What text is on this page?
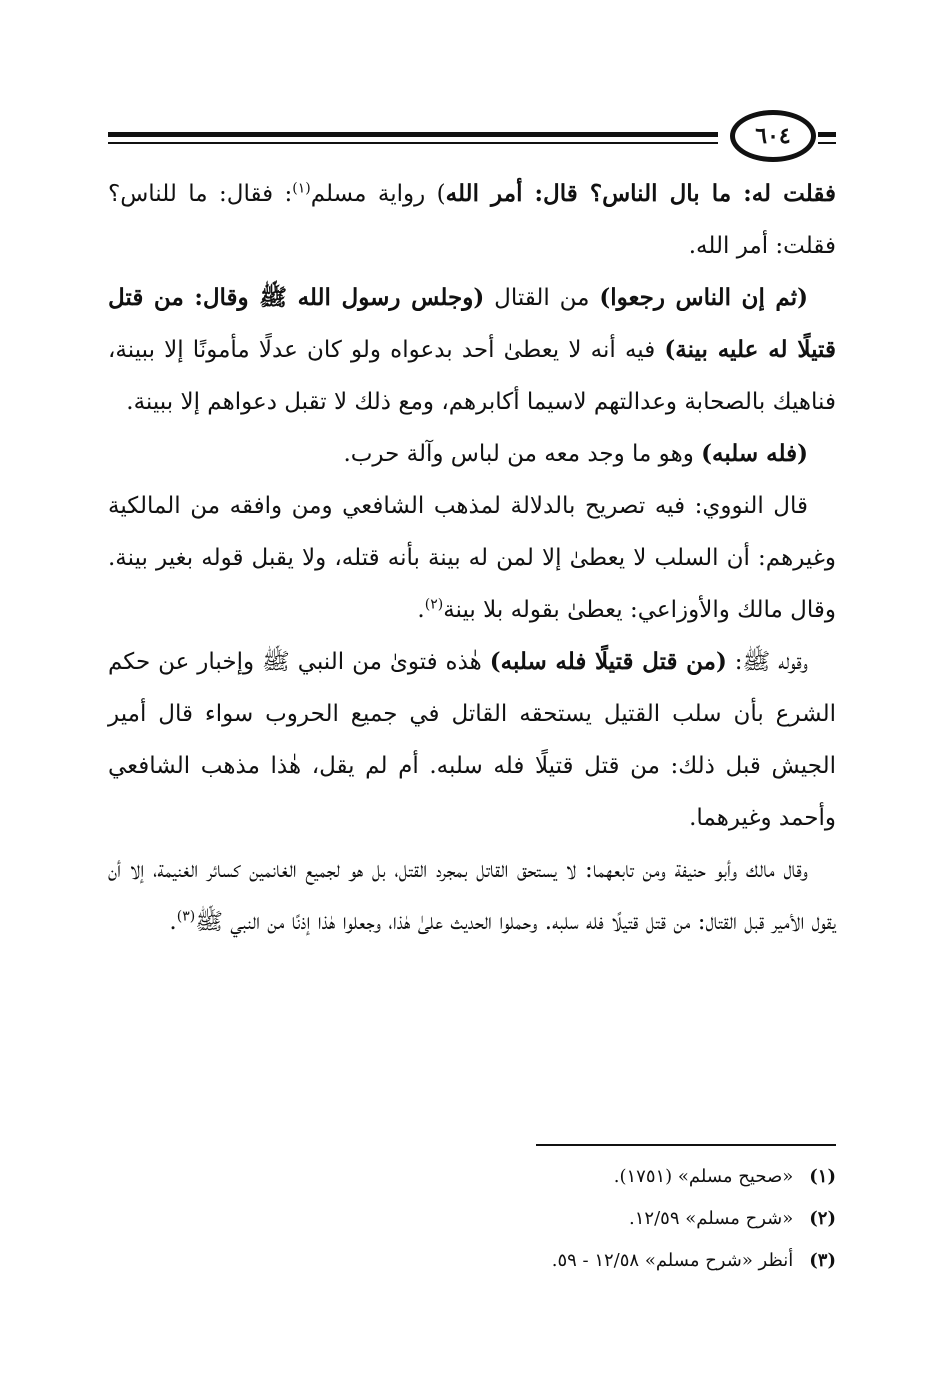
٦٠٤

فقلت له: ما بال الناس؟ قال: أمر الله) رواية مسلم$^{(١)}$: فقال: ما للناس؟ فقلت: أمر الله.

(ثم إن الناس رجعوا) من القتال (وجلس رسول الله ﷺ وقال: من قتل قتيلًا له عليه بينة) فيه أنه لا يعطىٰ أحد بدعواه ولو كان عدلًا مأمونًا إلا ببينة، فناهيك بالصحابة وعدالتهم لاسيما أكابرهم، ومع ذلك لا تقبل دعواهم إلا ببينة.

(فله سلبه) وهو ما وجد معه من لباس وآلة حرب.

قال النووي: فيه تصريح بالدلالة لمذهب الشافعي ومن وافقه من المالكية وغيرهم: أن السلب لا يعطىٰ إلا لمن له بينة بأنه قتله، ولا يقبل قوله بغير بينة. وقال مالك والأوزاعي: يعطىٰ بقوله بلا بينة$^{(٢)}$.

وقوله ﷺ: (من قتل قتيلًا فله سلبه) هٰذه فتوىٰ من النبي ﷺ وإخبار عن حكم الشرع بأن سلب القتيل يستحقه القاتل في جميع الحروب سواء قال أمير الجيش قبل ذلك: من قتل قتيلًا فله سلبه. أم لم يقل، هٰذا مذهب الشافعي وأحمد وغيرهما.

وقال مالك وأبو حنيفة ومن تابعهما: لا يستحق القاتل بمجرد القتل، بل هو لجميع الغانمين كسائر الغنيمة، إلا أن يقول الأمير قبل القتال: من قتل قتيلًا فله سلبه. وحملوا الحديث علىٰ هٰذا، وجعلوا هٰذا إذنًا من النبي ﷺ$^{(٣)}$.

(١)
«صحيح مسلم» (١٧٥١).
(٢)
«شرح مسلم» ١٢/٥٩.
(٣)
أنظر «شرح مسلم» ١٢/٥٨ - ٥٩.
